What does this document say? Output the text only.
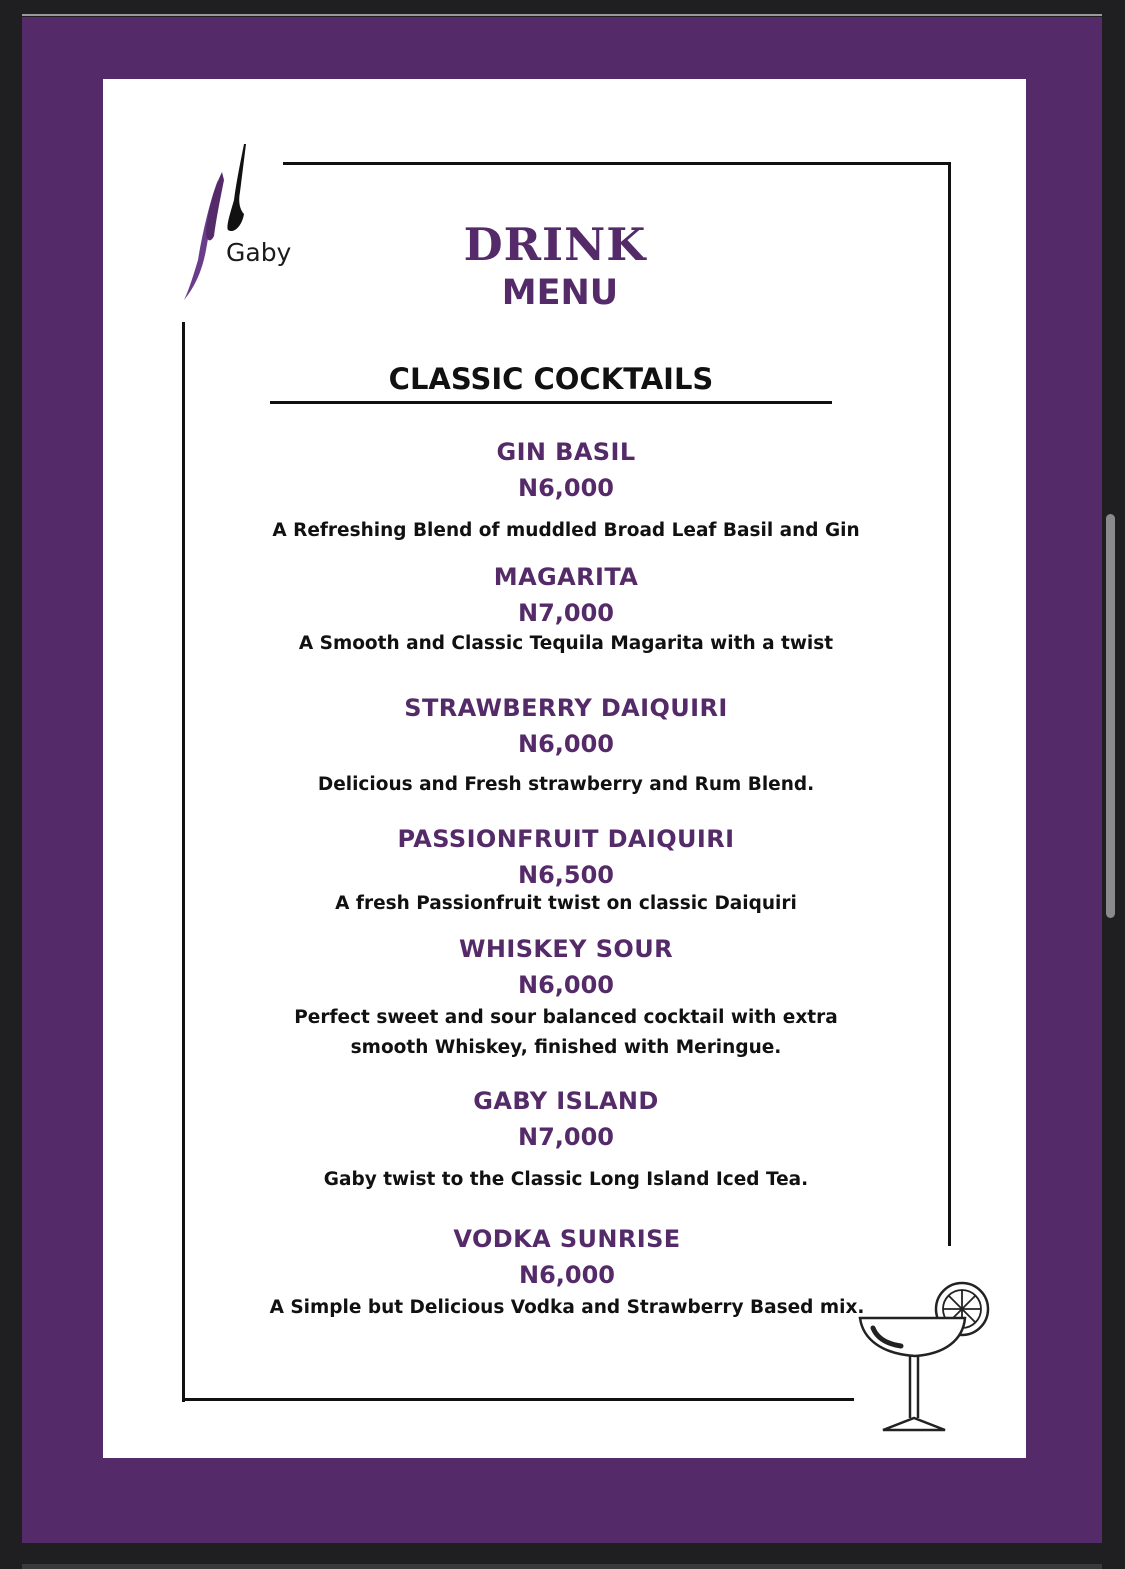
Gaby	DRINK
MENU
CLASSIC COCKTAILS
GIN BASIL
N6,000
A Refreshing Blend of muddled Broad Leaf Basil and Gin
MAGARITA
N7,000
A Smooth and Classic Tequila Magarita with a twist
STRAWBERRY DAIQUIRI
N6,000
Delicious and Fresh strawberry and Rum Blend.
PASSIONFRUIT DAIQUIRI
N6,500
A fresh Passionfruit twist on classic Daiquiri
WHISKEY SOUR
N6,000
Perfect sweet and sour balanced cocktail with extra smooth Whiskey, finished with Meringue.
GABY ISLAND
N7,000
Gaby twist to the Classic Long Island Iced Tea.
VODKA SUNRISE
N6,000
A Simple but Delicious Vodka and Strawberry Based mix.
